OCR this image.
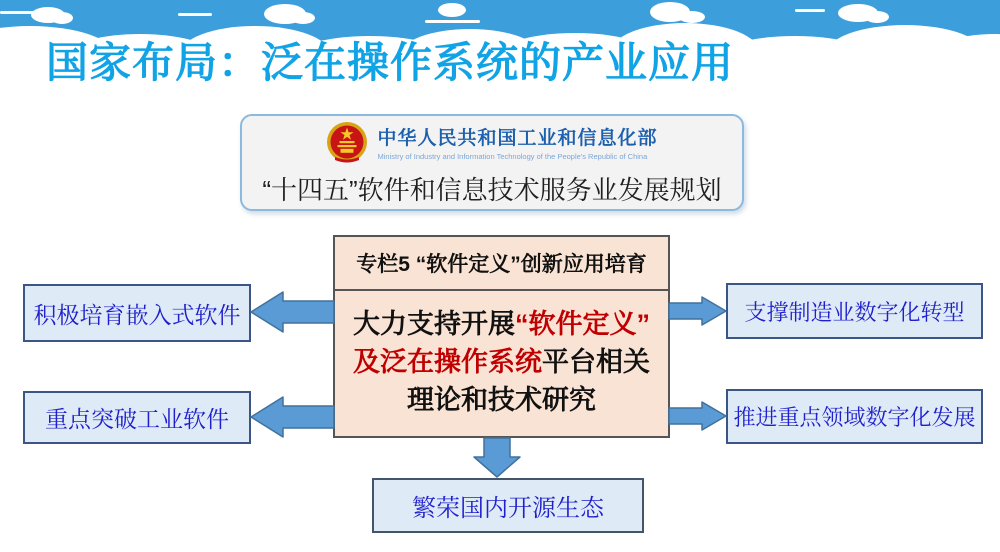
国家布局：泛在操作系统的产业应用
中华人民共和国工业和信息化部
Ministry of Industry and Information Technology of the People's Republic of China
“十四五”软件和信息技术服务业发展规划
专栏5 “软件定义”创新应用培育
大力支持开展“软件定义”
及泛在操作系统平台相关
理论和技术研究
积极培育嵌入式软件
重点突破工业软件
支撑制造业数字化转型
推进重点领域数字化发展
繁荣国内开源生态
